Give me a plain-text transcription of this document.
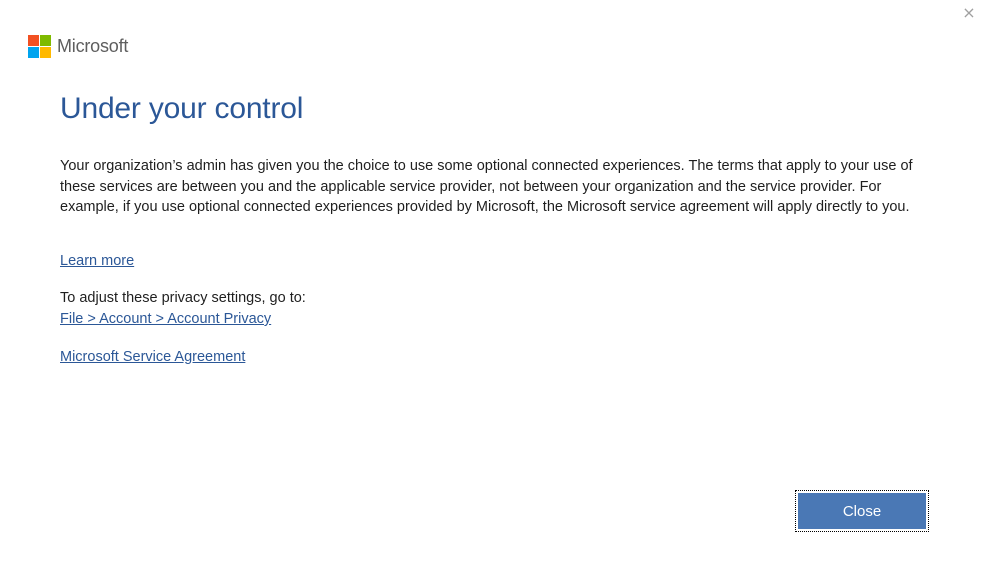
×
Microsoft
Under your control

Your organization’s admin has given you the choice to use some optional connected experiences. The terms that apply to your use of these services are between you and the applicable service provider, not between your organization and the service provider. For example, if you use optional connected experiences provided by Microsoft, the Microsoft service agreement will apply directly to you.

Learn more
To adjust these privacy settings, go to:
File > Account > Account Privacy
Microsoft Service Agreement
Close
